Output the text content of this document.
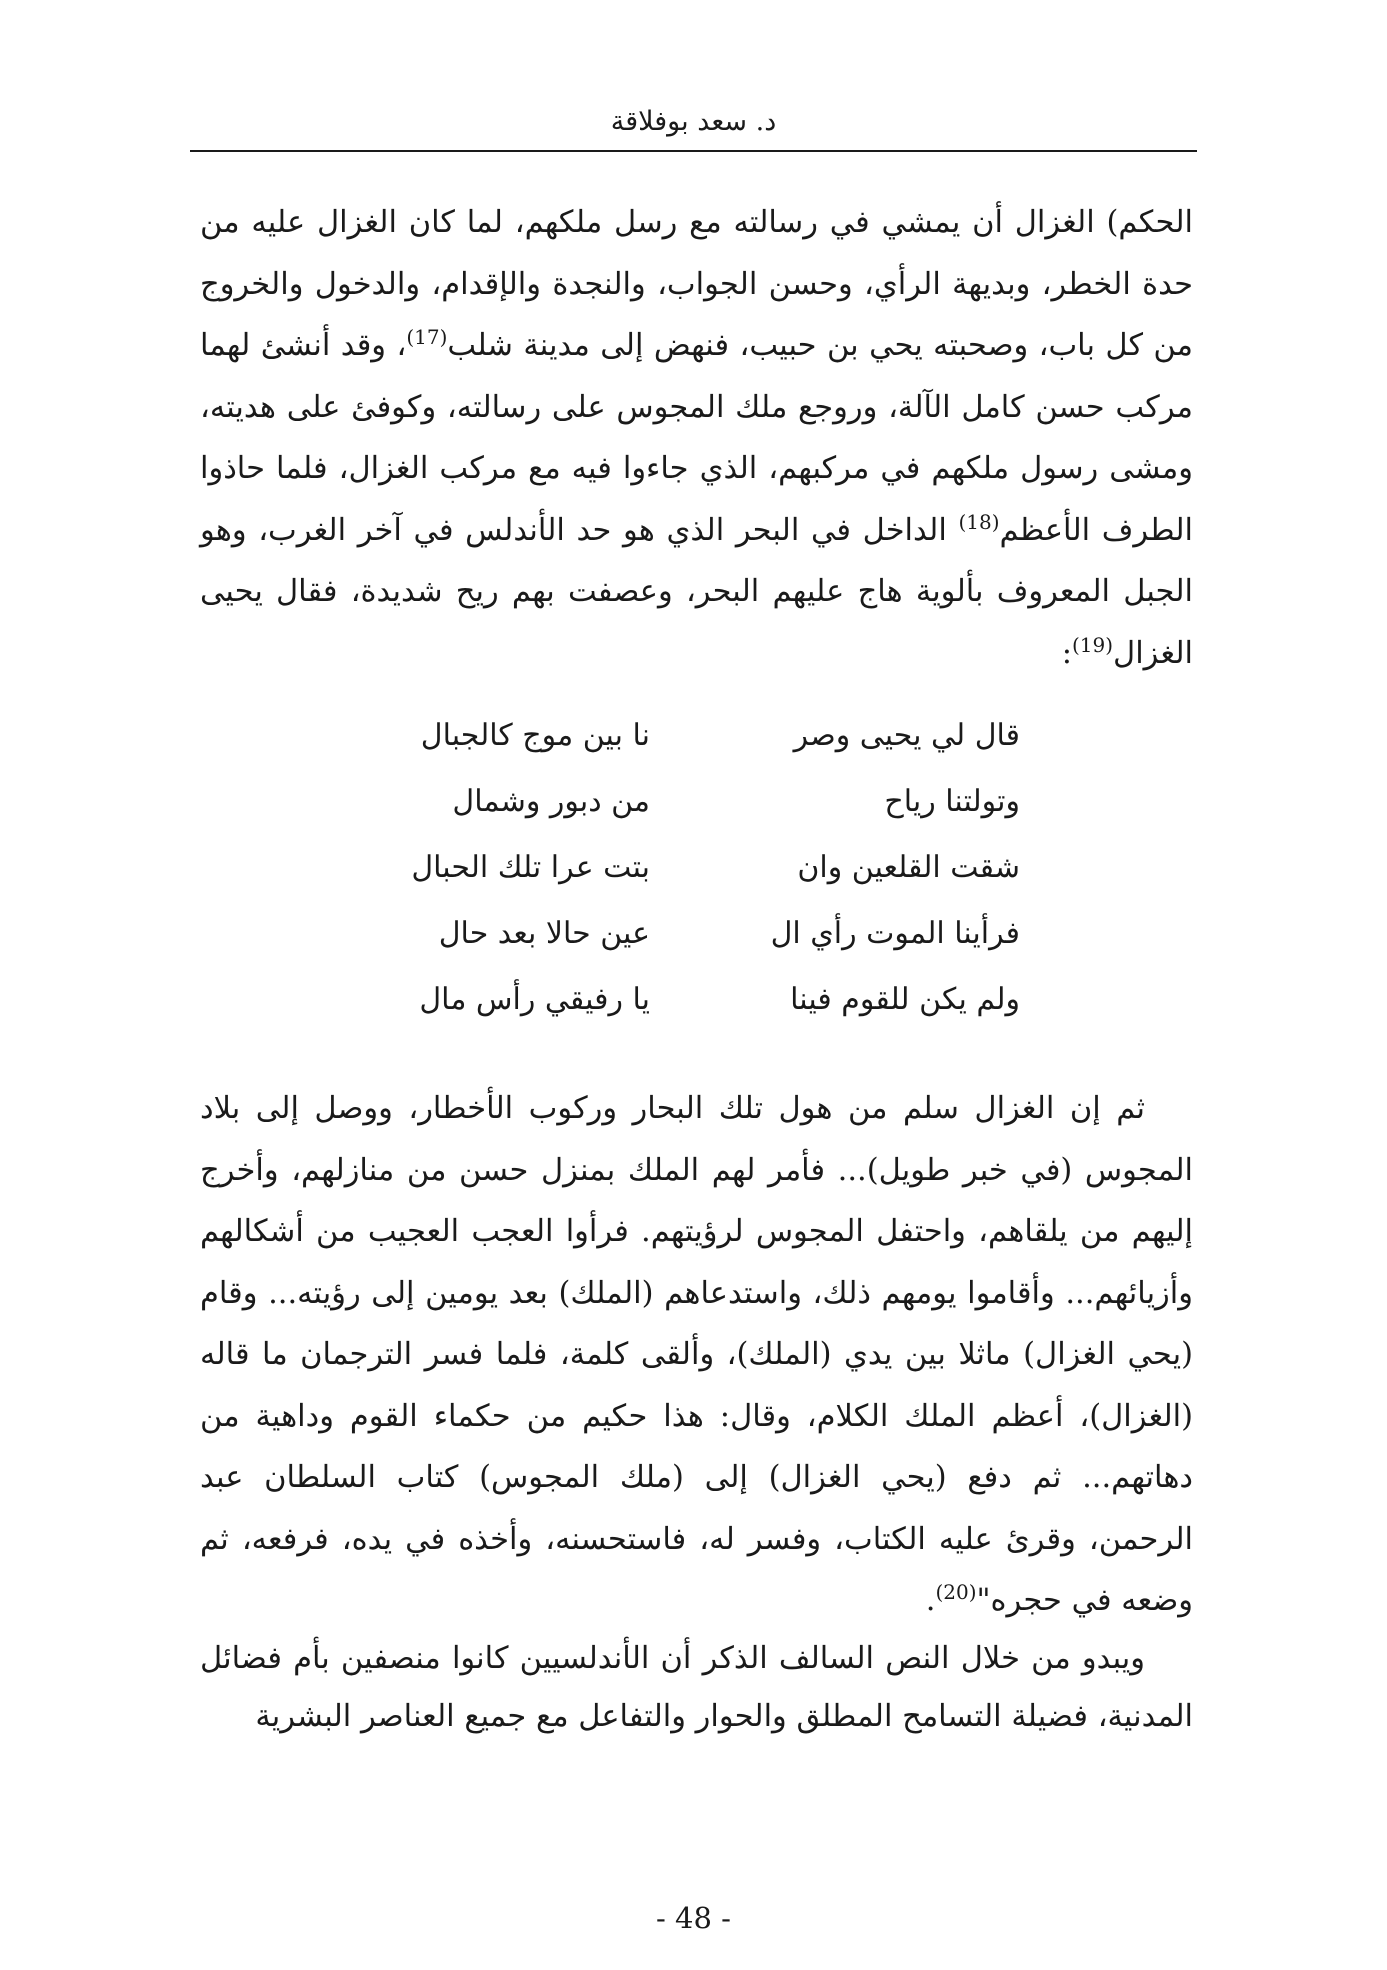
د. سعد بوفلاقة

الحكم) الغزال أن يمشي في رسالته مع رسل ملكهم، لما كان الغزال عليه من حدة الخطر، وبديهة الرأي، وحسن الجواب، والنجدة والإقدام، والدخول والخروج من كل باب، وصحبته يحي بن حبيب، فنهض إلى مدينة شلب$^{(17)}$، وقد أنشئ لهما مركب حسن كامل الآلة، وروجع ملك المجوس على رسالته، وكوفئ على هديته، ومشى رسول ملكهم في مركبهم، الذي جاءوا فيه مع مركب الغزال، فلما حاذوا الطرف الأعظم$^{(18)}$ الداخل في البحر الذي هو حد الأندلس في آخر الغرب، وهو الجبل المعروف بألوية هاج عليهم البحر، وعصفت بهم ريح شديدة، فقال يحيى الغزال$^{(19)}$:

قال لي يحيى وصر
نا بين موج كالجبال
وتولتنا رياح
من دبور وشمال
شقت القلعين وان
بتت عرا تلك الحبال
فرأينا الموت رأي ال
عين حالا بعد حال
ولم يكن للقوم فينا
يا رفيقي رأس مال

ثم إن الغزال سلم من هول تلك البحار وركوب الأخطار، ووصل إلى بلاد المجوس (في خبر طويل)... فأمر لهم الملك بمنزل حسن من منازلهم، وأخرج إليهم من يلقاهم، واحتفل المجوس لرؤيتهم. فرأوا العجب العجيب من أشكالهم وأزيائهم... وأقاموا يومهم ذلك، واستدعاهم (الملك) بعد يومين إلى رؤيته... وقام (يحي الغزال) ماثلا بين يدي (الملك)، وألقى كلمة، فلما فسر الترجمان ما قاله (الغزال)، أعظم الملك الكلام، وقال: هذا حكيم من حكماء القوم وداهية من دهاتهم... ثم دفع (يحي الغزال) إلى (ملك المجوس) كتاب السلطان عبد الرحمن، وقرئ عليه الكتاب، وفسر له، فاستحسنه، وأخذه في يده، فرفعه، ثم وضعه في حجره"$^{(20)}$.

ويبدو من خلال النص السالف الذكر أن الأندلسيين كانوا منصفين بأم فضائل المدنية، فضيلة التسامح المطلق والحوار والتفاعل مع جميع العناصر البشرية

- 48 -
